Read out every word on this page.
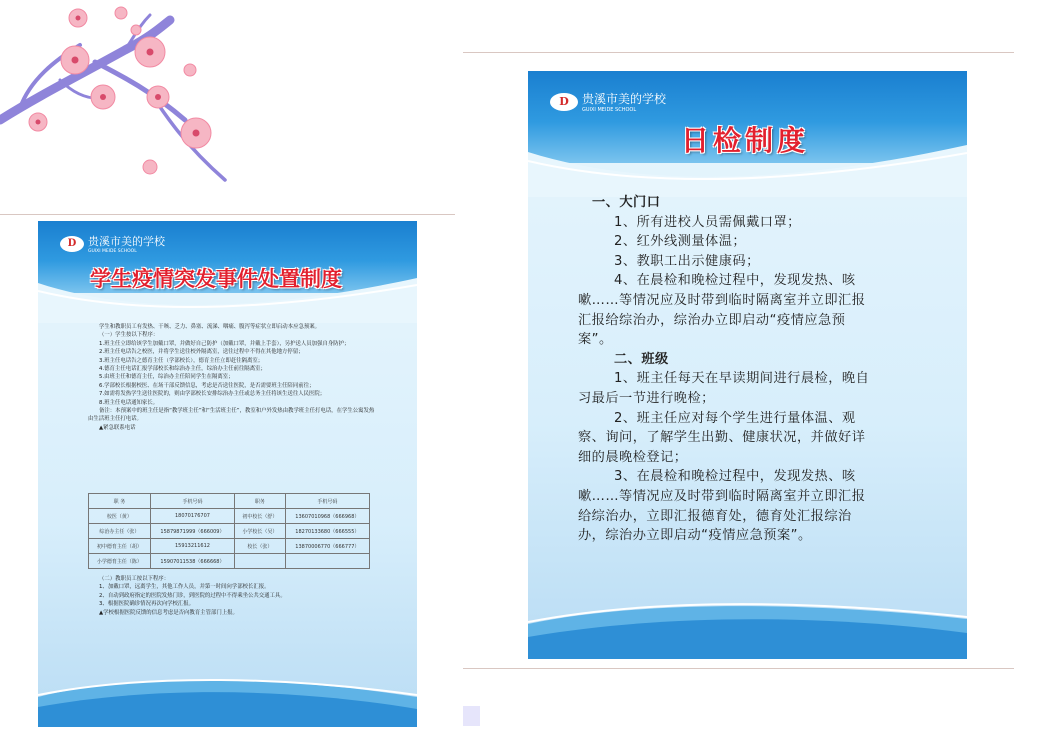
D	贵溪市美的学校
GUIXI MEIDE SCHOOL
学生疫情突发事件处置制度
学生和教职员工有发热、干咳、乏力、鼻塞、流涕、咽痛、腹泻等症状立即启动本应急预案。
（一）学生按以下程序：
1.班主任立即给该学生加戴口罩，并做好自己防护（加戴口罩，并戴上手套），另护送人员加强自身防护；
2.班主任电话告之校医，并将学生送往校外隔离室，送往过程中不得在其他地方停留；
3.班主任电话告之德育主任（学部校长），德育主任立即赶往隔离室；
4.德育主任电话汇报学部校长和综治办主任，综治办主任前往隔离室；
5.由班主任和德育主任，综治办主任陪同学生在隔离室；
6.学部校长根据校医、在场干部反馈信息，考虑是否送往医院，是否需要班主任陪同前往；
7.如需将发热学生送往医院的，则由学部校长安排综治办主任或总务主任将该生送往人民医院；
8.班主任电话通知家长。
备注：本预案中的班主任是指“教学班主任”和“生活班主任”，教室和户外发热由教学班主任打电话，在学生公寓发热由生活班主任打电话。
▲紧急联系电话
职 务	手机号码	职务	手机号码
校医（黄）	18070176707	初中校长（舒）	13607010968（666968）
综治办主任（张）	15879871999（666009）	小学校长（吴）	18270133680（666555）
初中德育主任（胡）	15913211612	校长（张）	13870006770（666777）
小学德育主任（陈）	15907011538（666668）		
（二）教职员工按以下程序：
1、加戴口罩，远离学生，其他工作人员，并第一时间向学部校长汇报。
2、自动到政府指定的医院发热门诊，到医院的过程中不得乘坐公共交通工具。
3、根据医院确诊情况再次向学校汇报。
▲学校根据医院反馈的信息考虑是否向教育主管部门上报。
D	贵溪市美的学校
GUIXI MEIDE SCHOOL
日检制度
一、大门口
1、所有进校人员需佩戴口罩；
2、红外线测量体温；
3、教职工出示健康码；
4、在晨检和晚检过程中，发现发热、咳
嗽……等情况应及时带到临时隔离室并立即汇报
汇报给综治办，综治办立即启动“疫情应急预
案”。
二、班级
1、班主任每天在早读期间进行晨检，晚自
习最后一节进行晚检；
2、班主任应对每个学生进行量体温、观
察、询问，了解学生出勤、健康状况，并做好详
细的晨晚检登记；
3、在晨检和晚检过程中，发现发热、咳
嗽……等情况应及时带到临时隔离室并立即汇报
给综治办，立即汇报德育处，德育处汇报综治
办，综治办立即启动“疫情应急预案”。
